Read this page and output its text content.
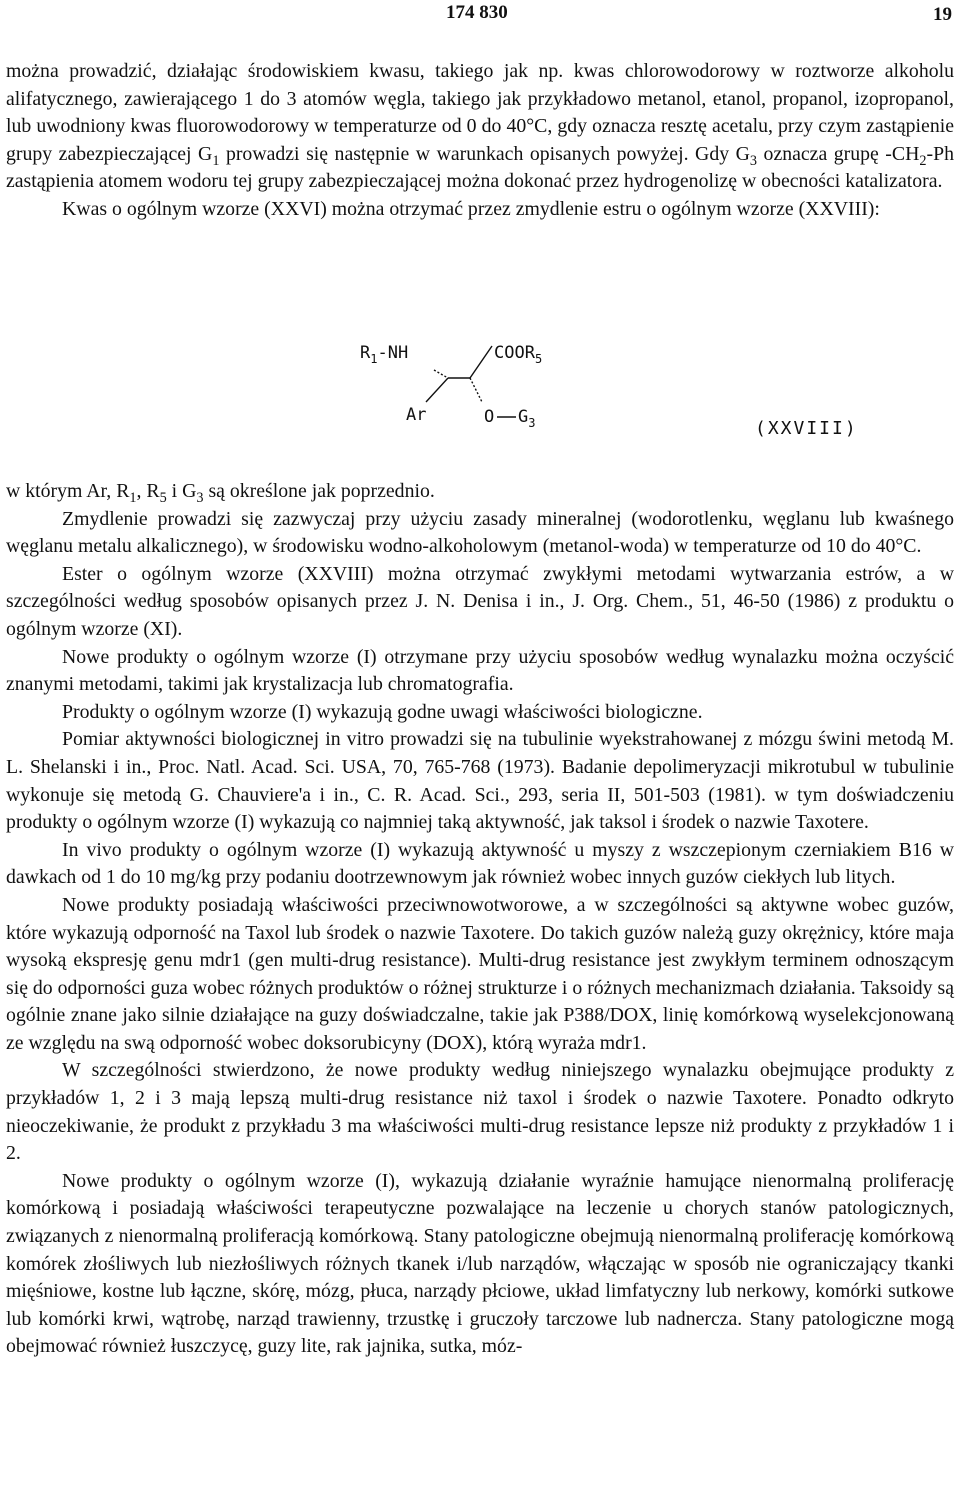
174 830	19

można prowadzić, działając środowiskiem kwasu, takiego jak np. kwas chlorowodorowy w roztworze alkoholu alifatycznego, zawierającego 1 do 3 atomów węgla, takiego jak przykładowo metanol, etanol, propanol, izopropanol, lub uwodniony kwas fluorowodorowy w temperaturze od 0 do 40°C, gdy oznacza resztę acetalu, przy czym zastąpienie grupy zabezpieczającej $G_1$ prowadzi się następnie w warunkach opisanych powyżej. Gdy $G_3$ oznacza grupę $-CH_2-Ph$ zastąpienia atomem wodoru tej grupy zabezpieczającej można dokonać przez hydrogenolizę w obecności katalizatora.

Kwas o ogólnym wzorze (XXVI) można otrzymać przez zmydlenie estru o ogólnym wzorze (XXVIII):

$R_1-NH$	$COOR_5$
Ar	O $G_3$	(XXVIII)

w którym Ar, $R_1$, $R_5$ i $G_3$ są określone jak poprzednio.

Zmydlenie prowadzi się zazwyczaj przy użyciu zasady mineralnej (wodorotlenku, węglanu lub kwaśnego węglanu metalu alkalicznego), w środowisku wodno-alkoholowym (metanol-woda) w temperaturze od 10 do 40°C.

Ester o ogólnym wzorze (XXVIII) można otrzymać zwykłymi metodami wytwarzania estrów, a w szczególności według sposobów opisanych przez J. N. Denisa i in., J. Org. Chem., 51, 46-50 (1986) z produktu o ogólnym wzorze (XI).

Nowe produkty o ogólnym wzorze (I) otrzymane przy użyciu sposobów według wynalazku można oczyścić znanymi metodami, takimi jak krystalizacja lub chromatografia.

Produkty o ogólnym wzorze (I) wykazują godne uwagi właściwości biologiczne.

Pomiar aktywności biologicznej in vitro prowadzi się na tubulinie wyekstrahowanej z mózgu świni metodą M. L. Shelanski i in., Proc. Natl. Acad. Sci. USA, 70, 765-768 (1973). Badanie depolimeryzacji mikrotubul w tubulinie wykonuje się metodą G. Chauviere'a i in., C. R. Acad. Sci., 293, seria II, 501-503 (1981). w tym doświadczeniu produkty o ogólnym wzorze (I) wykazują co najmniej taką aktywność, jak taksol i środek o nazwie Taxotere.

In vivo produkty o ogólnym wzorze (I) wykazują aktywność u myszy z wszczepionym czerniakiem B16 w dawkach od 1 do 10 mg/kg przy podaniu dootrzewnowym jak również wobec innych guzów ciekłych lub litych.

Nowe produkty posiadają właściwości przeciwnowotworowe, a w szczególności są aktywne wobec guzów, które wykazują odporność na Taxol lub środek o nazwie Taxotere. Do takich guzów należą guzy okrężnicy, które maja wysoką ekspresję genu mdr1 (gen multi-drug resistance). Multi-drug resistance jest zwykłym terminem odnoszącym się do odporności guza wobec różnych produktów o różnej strukturze i o różnych mechanizmach działania. Taksoidy są ogólnie znane jako silnie działające na guzy doświadczalne, takie jak P388/DOX, linię komórkową wyselekcjonowaną ze względu na swą odporność wobec doksorubicyny (DOX), którą wyraża mdr1.

W szczególności stwierdzono, że nowe produkty według niniejszego wynalazku obejmujące produkty z przykładów 1, 2 i 3 mają lepszą multi-drug resistance niż taxol i środek o nazwie Taxotere. Ponadto odkryto nieoczekiwanie, że produkt z przykładu 3 ma właściwości multi-drug resistance lepsze niż produkty z przykładów 1 i 2.

Nowe produkty o ogólnym wzorze (I), wykazują działanie wyraźnie hamujące nienormalną proliferację komórkową i posiadają właściwości terapeutyczne pozwalające na leczenie u chorych stanów patologicznych, związanych z nienormalną proliferacją komórkową. Stany patologiczne obejmują nienormalną proliferację komórkową komórek złośliwych lub niezłośliwych różnych tkanek i/lub narządów, włączając w sposób nie ograniczający tkanki mięśniowe, kostne lub łączne, skórę, mózg, płuca, narządy płciowe, układ limfatyczny lub nerkowy, komórki sutkowe lub komórki krwi, wątrobę, narząd trawienny, trzustkę i gruczoły tarczowe lub nadnercza. Stany patologiczne mogą obejmować również łuszczycę, guzy lite, rak jajnika, sutka, móz-
